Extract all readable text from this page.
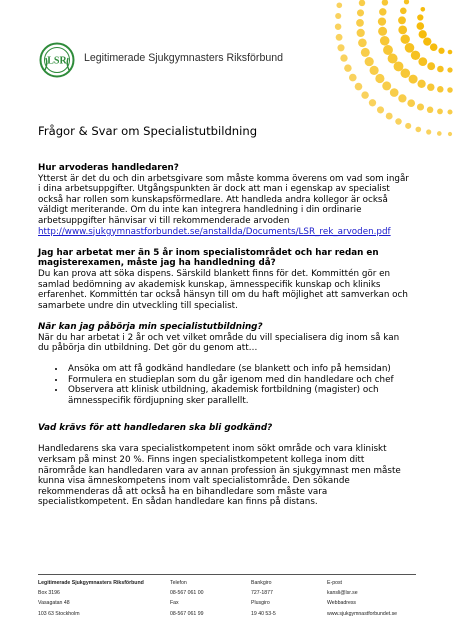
LSR Legitimerade Sjukgymnasters Riksförbund
Frågor & Svar om Specialistutbildning

Hur arvoderas handledaren?

Ytterst är det du och din arbetsgivare som måste komma överens om vad som ingår i dina arbetsuppgifter. Utgångspunkten är dock att man i egenskap av specialist också har rollen som kunskapsförmedlare. Att handleda andra kollegor är också väldigt meriterande. Om du inte kan integrera handledning i din ordinarie arbetsuppgifter hänvisar vi till rekommenderade arvoden

http://www.sjukgymnastforbundet.se/anstallda/Documents/LSR_rek_arvoden.pdf

Jag har arbetat mer än 5 år inom specialistområdet och har redan en magisterexamen, måste jag ha handledning då?

Du kan prova att söka dispens. Särskild blankett finns för det. Kommittén gör en samlad bedömning av akademisk kunskap, ämnesspecifik kunskap och kliniks erfarenhet. Kommittén tar också hänsyn till om du haft möjlighet att samverkan och samarbete undre din utveckling till specialist.

När kan jag påbörja min specialistutbildning?

När du har arbetat i 2 år och vet vilket område du vill specialisera dig inom så kan du påbörja din utbildning. Det gör du genom att…

• Ansöka om att få godkänd handledare (se blankett och info på hemsidan)
• Formulera en studieplan som du går igenom med din handledare och chef
• Observera att klinisk utbildning, akademisk fortbildning (magister) och ämnesspecifik fördjupning sker parallellt.

Vad krävs för att handledaren ska bli godkänd?

Handledarens ska vara specialistkompetent inom sökt område och vara kliniskt verksam på minst 20 %. Finns ingen specialistkompetent kollega inom ditt närområde kan handledaren vara av annan profession än sjukgymnast men måste kunna visa ämneskompetens inom valt specialistområde. Den sökande rekommenderas då att också ha en bihandledare som måste vara specialistkompetent. En sådan handledare kan finns på distans.

Legitimerade Sjukgymnasters Riksförbund
Box 3196
Vasagatan 48
103 63 Stockholm
Telefon
08-567 061 00
Fax
08-567 061 99
Bankgiro
727-1877
Plusgiro
19 40 53-5
E-post
kansli@lsr.se
Webbadress
www.sjukgymnastforbundet.se
